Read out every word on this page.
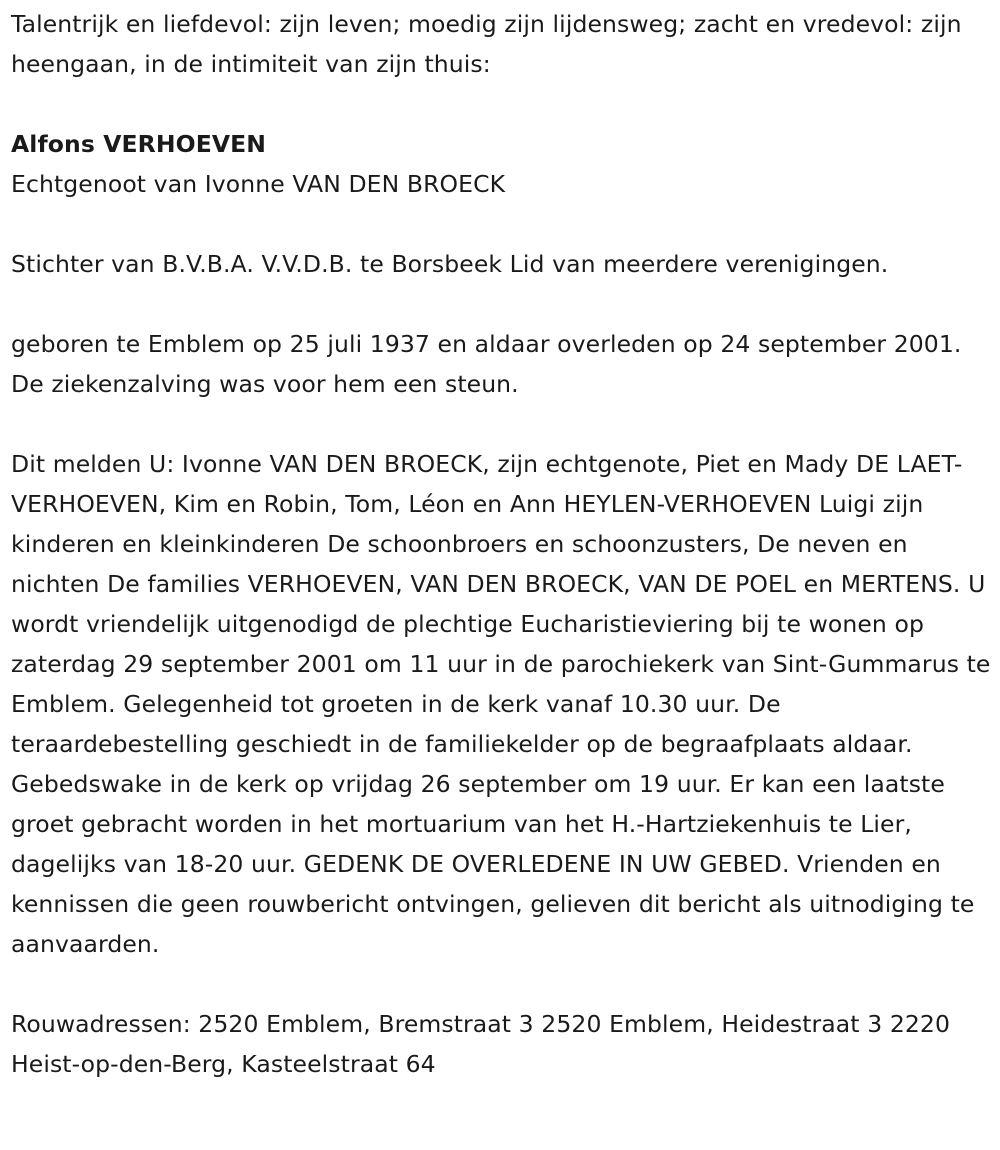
Talentrijk en liefdevol: zijn leven; moedig zijn lijdensweg; zacht en vredevol: zijn heengaan, in de intimiteit van zijn thuis:

Alfons VERHOEVEN

Echtgenoot van Ivonne VAN DEN BROECK

Stichter van B.V.B.A. V.V.D.B. te Borsbeek Lid van meerdere verenigingen.

geboren te Emblem op 25 juli 1937 en aldaar overleden op 24 september 2001. De ziekenzalving was voor hem een steun.

Dit melden U: Ivonne VAN DEN BROECK, zijn echtgenote, Piet en Mady DE LAET-VERHOEVEN, Kim en Robin, Tom, Léon en Ann HEYLEN-VERHOEVEN Luigi zijn kinderen en kleinkinderen De schoonbroers en schoonzusters, De neven en nichten De families VERHOEVEN, VAN DEN BROECK, VAN DE POEL en MERTENS. U wordt vriendelijk uitgenodigd de plechtige Eucharistieviering bij te wonen op zaterdag 29 september 2001 om 11 uur in de parochiekerk van Sint-Gummarus te Emblem. Gelegenheid tot groeten in de kerk vanaf 10.30 uur. De teraardebestelling geschiedt in de familiekelder op de begraafplaats aldaar. Gebedswake in de kerk op vrijdag 26 september om 19 uur. Er kan een laatste groet gebracht worden in het mortuarium van het H.-Hartziekenhuis te Lier, dagelijks van 18-20 uur. GEDENK DE OVERLEDENE IN UW GEBED. Vrienden en kennissen die geen rouwbericht ontvingen, gelieven dit bericht als uitnodiging te aanvaarden.

Rouwadressen: 2520 Emblem, Bremstraat 3 2520 Emblem, Heidestraat 3 2220 Heist-op-den-Berg, Kasteelstraat 64
